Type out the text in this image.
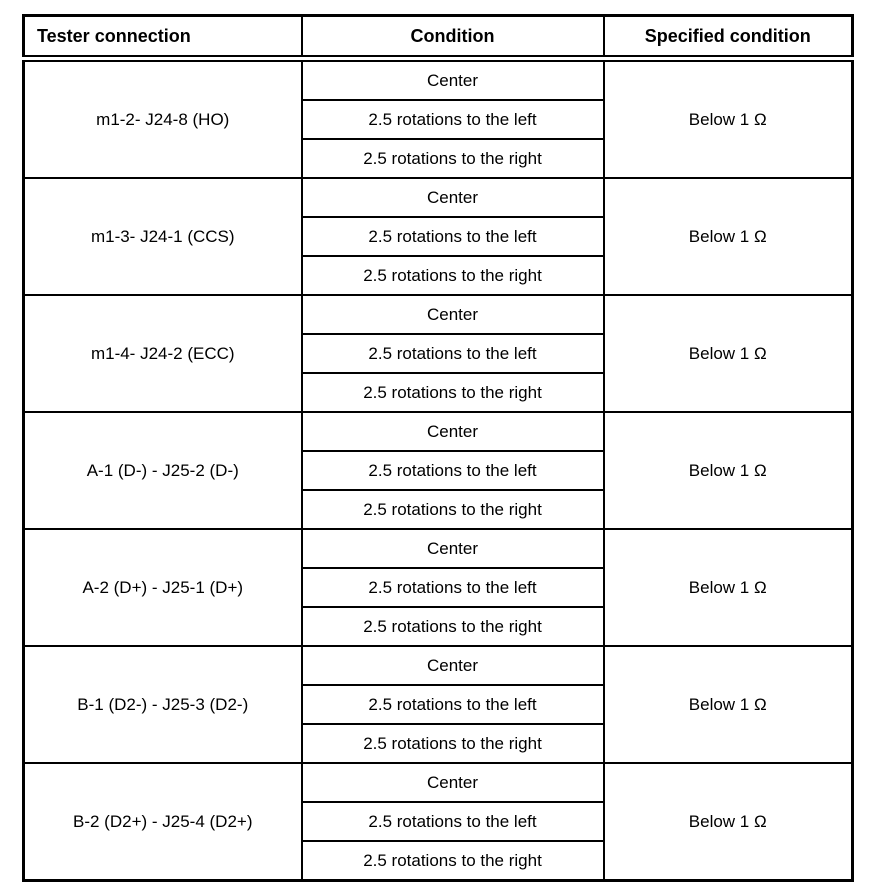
Tester connection	Condition	Specified condition
m1-2- J24-8 (HO)	Center	Below 1 Ω
	2.5 rotations to the left	
	2.5 rotations to the right	
m1-3- J24-1 (CCS)	Center	Below 1 Ω
	2.5 rotations to the left	
	2.5 rotations to the right	
m1-4- J24-2 (ECC)	Center	Below 1 Ω
	2.5 rotations to the left	
	2.5 rotations to the right	
A-1 (D-) - J25-2 (D-)	Center	Below 1 Ω
	2.5 rotations to the left	
	2.5 rotations to the right	
A-2 (D+) - J25-1 (D+)	Center	Below 1 Ω
	2.5 rotations to the left	
	2.5 rotations to the right	
B-1 (D2-) - J25-3 (D2-)	Center	Below 1 Ω
	2.5 rotations to the left	
	2.5 rotations to the right	
B-2 (D2+) - J25-4 (D2+)	Center	Below 1 Ω
	2.5 rotations to the left	
	2.5 rotations to the right	
